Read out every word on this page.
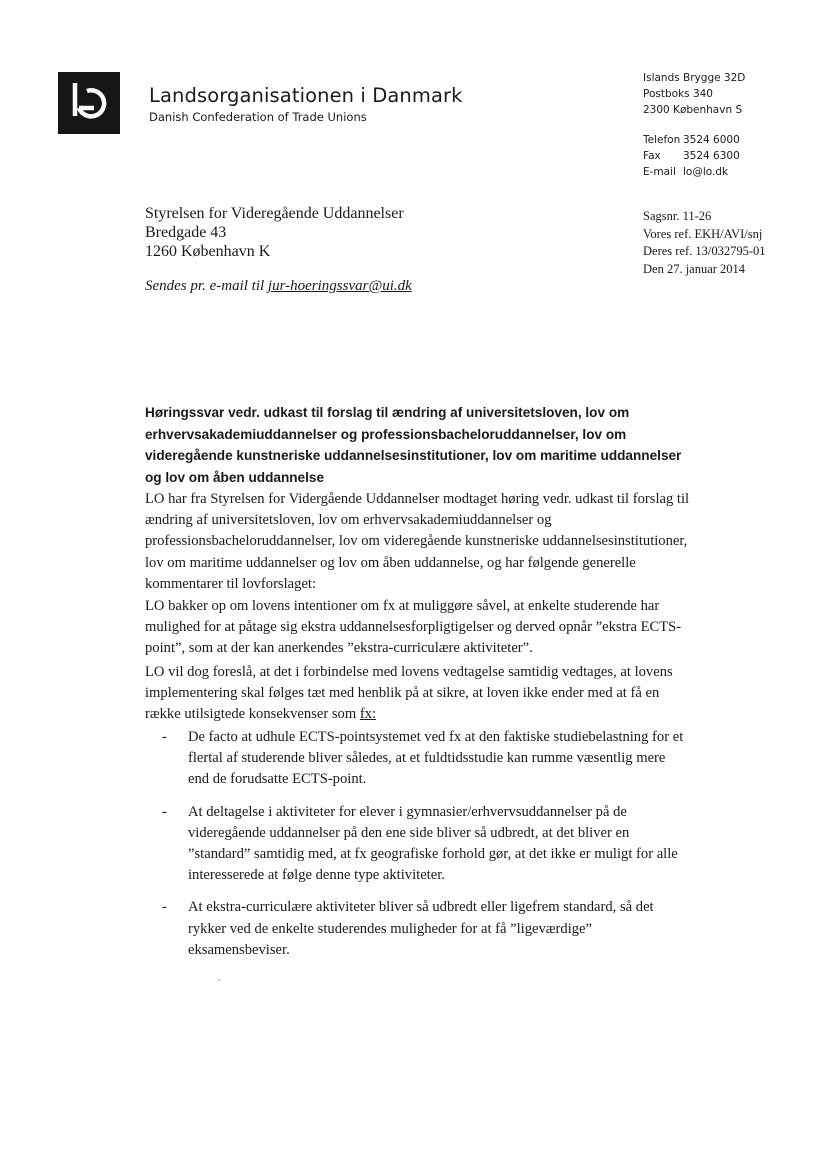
Landsorganisationen i Danmark
Danish Confederation of Trade Unions
Islands Brygge 32D
Postboks 340
2300 København S
Telefon 3524 6000
Fax 3524 6300
E-mail lo@lo.dk
Styrelsen for Videregående Uddannelser
Bredgade 43
1260 København K
Sendes pr. e-mail til jur-hoeringssvar@ui.dk
Sagsnr. 11-26
Vores ref. EKH/AVI/snj
Deres ref. 13/032795-01
Den 27. januar 2014
Høringssvar vedr. udkast til forslag til ændring af universitetsloven, lov om erhvervsakademiuddannelser og professionsbacheloruddannelser, lov om videregående kunstneriske uddannelsesinstitutioner, lov om maritime uddannelser og lov om åben uddannelse
LO har fra Styrelsen for Vidergående Uddannelser modtaget høring vedr. udkast til forslag til ændring af universitetsloven, lov om erhvervsakademiuddannelser og professionsbacheloruddannelser, lov om videregående kunstneriske uddannelsesinstitutioner, lov om maritime uddannelser og lov om åben uddannelse, og har følgende generelle kommentarer til lovforslaget:
LO bakker op om lovens intentioner om fx at muliggøre såvel, at enkelte studerende har mulighed for at påtage sig ekstra uddannelsesforpligtigelser og derved opnår ”ekstra ECTS-point”, som at der kan anerkendes ”ekstra-curriculære aktiviteter”.
LO vil dog foreslå, at det i forbindelse med lovens vedtagelse samtidig vedtages, at lovens implementering skal følges tæt med henblik på at sikre, at loven ikke ender med at få en række utilsigtede konsekvenser som fx:
- De facto at udhule ECTS-pointsystemet ved fx at den faktiske studiebelastning for et flertal af studerende bliver således, at et fuldtidsstudie kan rumme væsentlig mere end de forudsatte ECTS-point.
- At deltagelse i aktiviteter for elever i gymnasier/erhvervsuddannelser på de videregående uddannelser på den ene side bliver så udbredt, at det bliver en ”standard” samtidig med, at fx geografiske forhold gør, at det ikke er muligt for alle interesserede at følge denne type aktiviteter.
- At ekstra-curriculære aktiviteter bliver så udbredt eller ligefrem standard, så det rykker ved de enkelte studerendes muligheder for at få ”ligeværdige” eksamensbeviser.
